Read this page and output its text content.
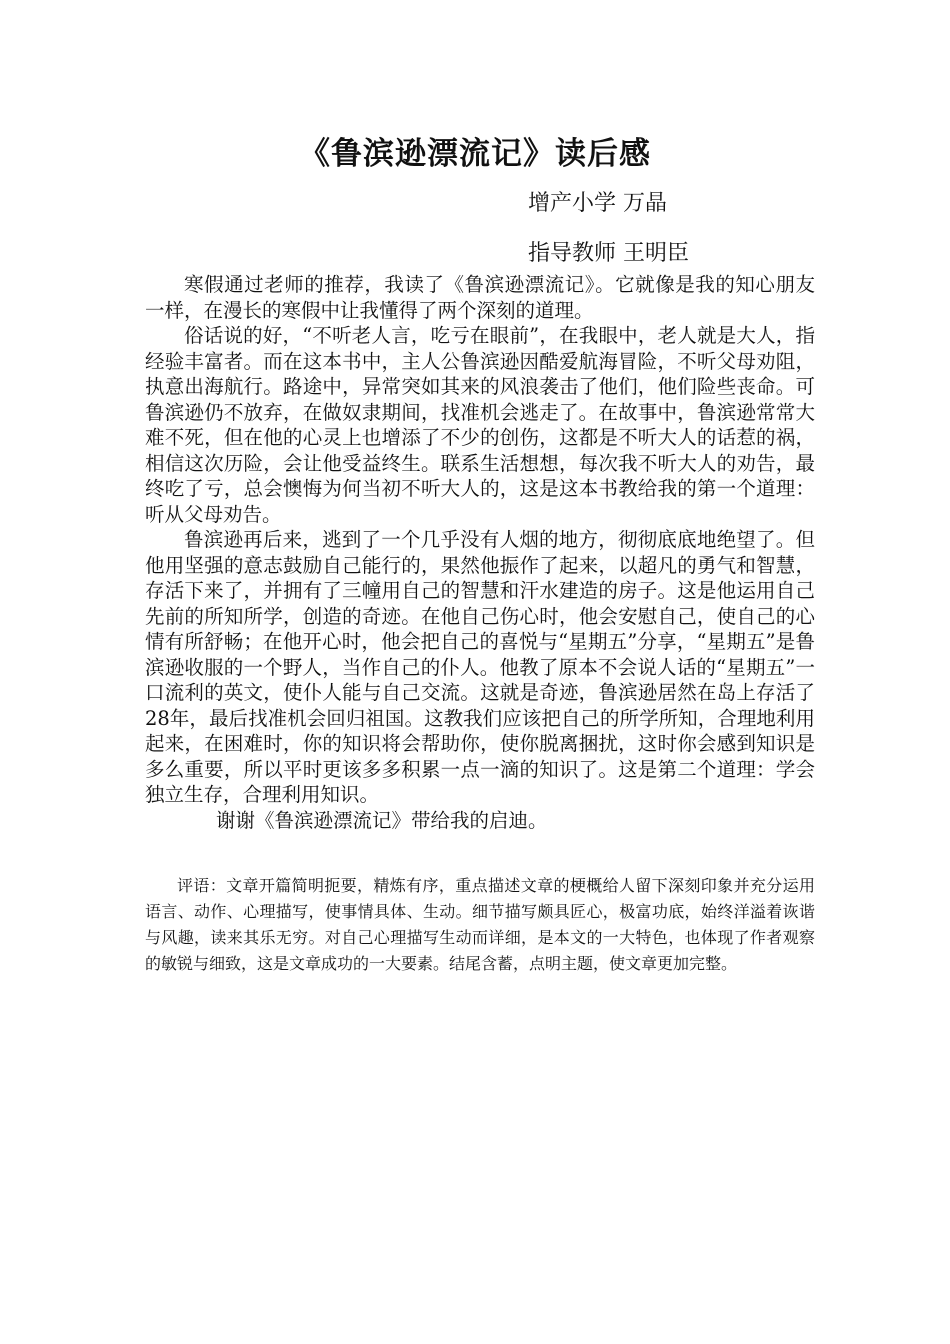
《鲁滨逊漂流记》读后感

增产小学 万晶

指导教师 王明臣

寒假通过老师的推荐，我读了《鲁滨逊漂流记》。它就像是我的知心朋友一样，在漫长的寒假中让我懂得了两个深刻的道理。

俗话说的好，“不听老人言，吃亏在眼前”，在我眼中，老人就是大人，指经验丰富者。而在这本书中，主人公鲁滨逊因酷爱航海冒险，不听父母劝阻，执意出海航行。路途中，异常突如其来的风浪袭击了他们，他们险些丧命。可鲁滨逊仍不放弃，在做奴隶期间，找准机会逃走了。在故事中，鲁滨逊常常大难不死，但在他的心灵上也增添了不少的创伤，这都是不听大人的话惹的祸，相信这次历险，会让他受益终生。联系生活想想，每次我不听大人的劝告，最终吃了亏，总会懊悔为何当初不听大人的，这是这本书教给我的第一个道理：听从父母劝告。

鲁滨逊再后来，逃到了一个几乎没有人烟的地方，彻彻底底地绝望了。但他用坚强的意志鼓励自己能行的，果然他振作了起来，以超凡的勇气和智慧，存活下来了，并拥有了三幢用自己的智慧和汗水建造的房子。这是他运用自己先前的所知所学，创造的奇迹。在他自己伤心时，他会安慰自己，使自己的心情有所舒畅；在他开心时，他会把自己的喜悦与“星期五”分享，“星期五”是鲁滨逊收服的一个野人，当作自己的仆人。他教了原本不会说人话的“星期五”一口流利的英文，使仆人能与自己交流。这就是奇迹，鲁滨逊居然在岛上存活了28年，最后找准机会回归祖国。这教我们应该把自己的所学所知，合理地利用起来，在困难时，你的知识将会帮助你，使你脱离捆扰，这时你会感到知识是多么重要，所以平时更该多多积累一点一滴的知识了。这是第二个道理：学会独立生存，合理利用知识。

谢谢《鲁滨逊漂流记》带给我的启迪。

评语：文章开篇简明扼要，精炼有序，重点描述文章的梗概给人留下深刻印象并充分运用语言、动作、心理描写，使事情具体、生动。细节描写颇具匠心，极富功底，始终洋溢着诙谐与风趣，读来其乐无穷。对自己心理描写生动而详细，是本文的一大特色，也体现了作者观察的敏锐与细致，这是文章成功的一大要素。结尾含蓄，点明主题，使文章更加完整。
